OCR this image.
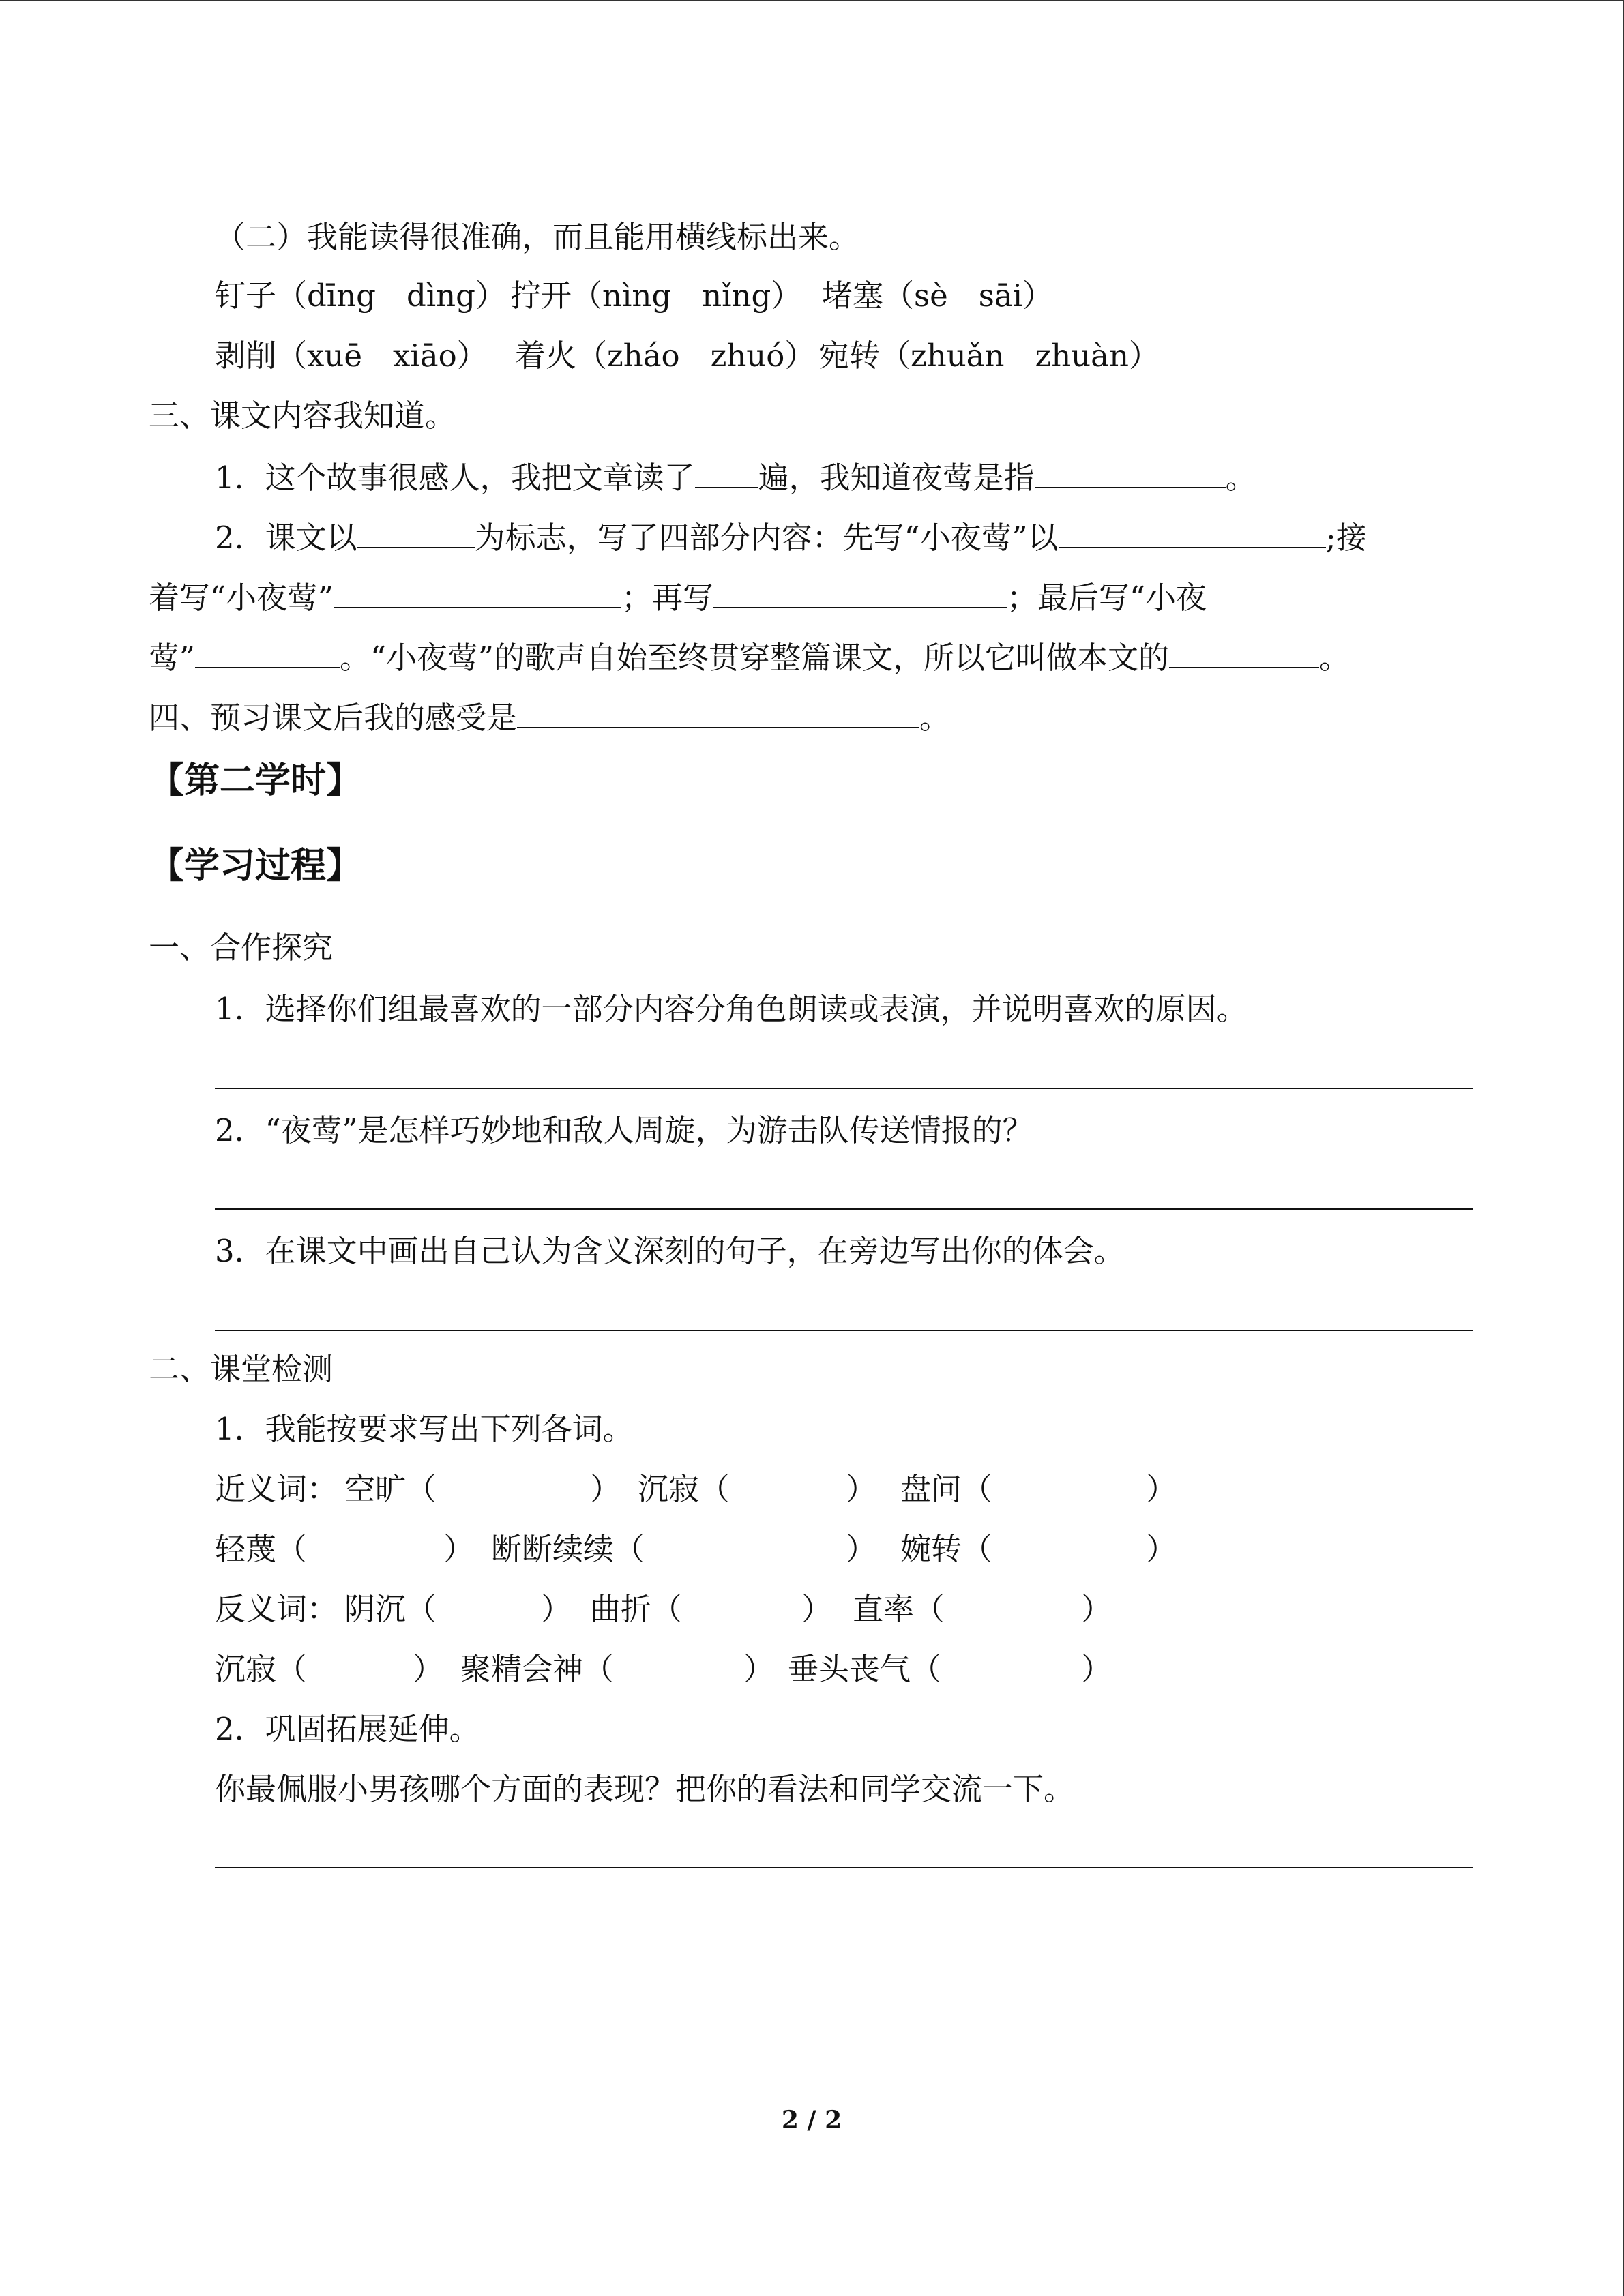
（二）我能读得很准确，而且能用横线标出来。
钉子（dīng　dìng） 拧开（nìng　nǐng） 堵塞（sè　sāi）
剥削（xuē　xiāo） 着火（zháo　zhuó） 宛转（zhuǎn　zhuàn）
三、课文内容我知道。
1．这个故事很感人，我把文章读了 遍，我知道夜莺是指	。
2．课文以	为标志，写了四部分内容：先写“小夜莺”以	;接
着写“小夜莺”	；再写	；最后写“小夜
莺”	。“小夜莺”的歌声自始至终贯穿整篇课文，所以它叫做本文的	。
四、预习课文后我的感受是	。
【第二学时】
【学习过程】
一、合作探究
1．选择你们组最喜欢的一部分内容分角色朗读或表演，并说明喜欢的原因。
2．“夜莺”是怎样巧妙地和敌人周旋，为游击队传送情报的？
3．在课文中画出自己认为含义深刻的句子，在旁边写出你的体会。
二、课堂检测
1．我能按要求写出下列各词。
近义词： 空旷（	） 沉寂（	） 盘问（	）
轻蔑（	） 断断续续（	） 婉转（	）
反义词： 阴沉（	） 曲折（	） 直率（	）
沉寂（	） 聚精会神（	） 垂头丧气（	）
2．巩固拓展延伸。
你最佩服小男孩哪个方面的表现？把你的看法和同学交流一下。
2 / 2
